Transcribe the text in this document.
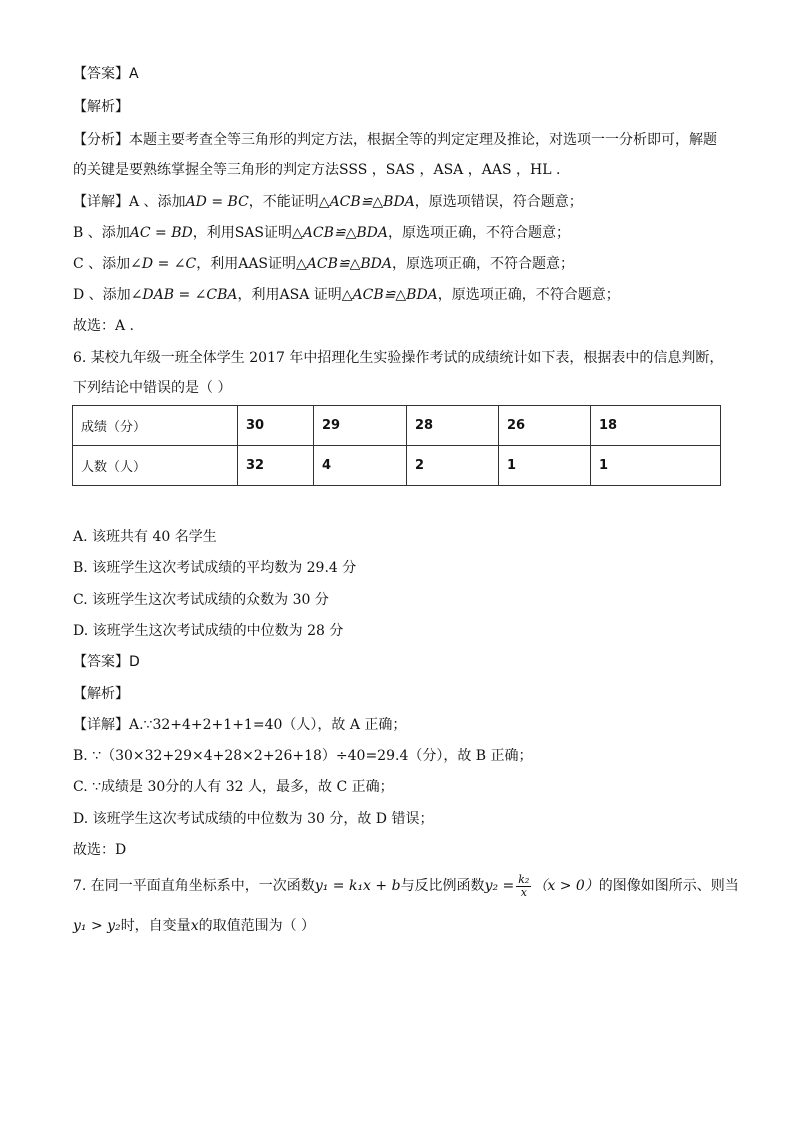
【答案】A
【解析】
【分析】本题主要考查全等三角形的判定方法，根据全等的判定定理及推论，对选项一一分析即可，解题
的关键是要熟练掌握全等三角形的判定方法SSS ，SAS ，ASA ，AAS ，HL .
【详解】A 、添加AD = BC，不能证明△ACB≌△BDA，原选项错误，符合题意；
B 、添加AC = BD，利用SAS证明△ACB≌△BDA，原选项正确，不符合题意；
C 、添加∠D = ∠C，利用AAS证明△ACB≌△BDA，原选项正确，不符合题意；
D 、添加∠DAB = ∠CBA，利用ASA 证明△ACB≌△BDA，原选项正确，不符合题意；
故选：A .
6. 某校九年级一班全体学生 2017 年中招理化生实验操作考试的成绩统计如下表，根据表中的信息判断，
下列结论中错误的是（ ）
成绩（分）	30	29	28	26	18
人数（人）	32	4	2	1	1
A. 该班共有 40 名学生
B. 该班学生这次考试成绩的平均数为 29.4 分
C. 该班学生这次考试成绩的众数为 30 分
D. 该班学生这次考试成绩的中位数为 28 分
【答案】D
【解析】
【详解】A.∵32+4+2+1+1=40（人），故 A 正确；
B. ∵（30×32+29×4+28×2+26+18）÷40=29.4（分），故 B 正确；
C. ∵成绩是 30分的人有 32 人，最多，故 C 正确；
D. 该班学生这次考试成绩的中位数为 30 分，故 D 错误；
故选：D
7. 在同一平面直角坐标系中，一次函数y₁ = k₁x + b与反比例函数$y_2 = \frac{\text{k₂}}{x} (x > 0)$的图像如图所示、则当
y₁ > y₂时，自变量x的取值范围为（ ）
